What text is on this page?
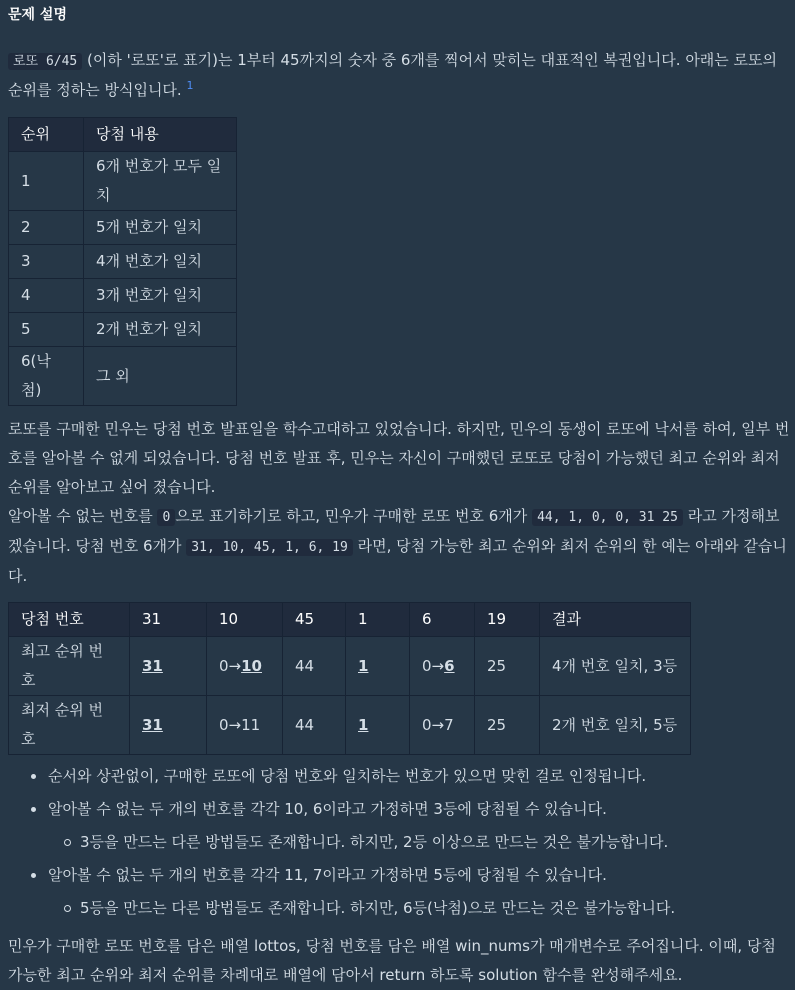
문제 설명

로또 6/45 (이하 '로또'로 표기)는 1부터 45까지의 숫자 중 6개를 찍어서 맞히는 대표적인 복권입니다. 아래는 로또의 순위를 정하는 방식입니다. $^1$

순위	당첨 내용
1	6개 번호가 모두 일치
2	5개 번호가 일치
3	4개 번호가 일치
4	3개 번호가 일치
5	2개 번호가 일치
6(낙첨)	그 외

로또를 구매한 민우는 당첨 번호 발표일을 학수고대하고 있었습니다. 하지만, 민우의 동생이 로또에 낙서를 하여, 일부 번호를 알아볼 수 없게 되었습니다. 당첨 번호 발표 후, 민우는 자신이 구매했던 로또로 당첨이 가능했던 최고 순위와 최저 순위를 알아보고 싶어 졌습니다.

알아볼 수 없는 번호를 0 으로 표기하기로 하고, 민우가 구매한 로또 번호 6개가 44, 1, 0, 0, 31 25 라고 가정해보겠습니다. 당첨 번호 6개가 31, 10, 45, 1, 6, 19 라면, 당첨 가능한 최고 순위와 최저 순위의 한 예는 아래와 같습니다.

당첨 번호	31	10	45	1	6	19	결과
최고 순위 번호	31	0→10	44	1	0→6	25	4개 번호 일치, 3등
최저 순위 번호	31	0→11	44	1	0→7	25	2개 번호 일치, 5등
순서와 상관없이, 구매한 로또에 당첨 번호와 일치하는 번호가 있으면 맞힌 걸로 인정됩니다.
알아볼 수 없는 두 개의 번호를 각각 10, 6이라고 가정하면 3등에 당첨될 수 있습니다.
3등을 만드는 다른 방법들도 존재합니다. 하지만, 2등 이상으로 만드는 것은 불가능합니다.
알아볼 수 없는 두 개의 번호를 각각 11, 7이라고 가정하면 5등에 당첨될 수 있습니다.
5등을 만드는 다른 방법들도 존재합니다. 하지만, 6등(낙첨)으로 만드는 것은 불가능합니다.

민우가 구매한 로또 번호를 담은 배열 lottos, 당첨 번호를 담은 배열 win_nums가 매개변수로 주어집니다. 이때, 당첨 가능한 최고 순위와 최저 순위를 차례대로 배열에 담아서 return 하도록 solution 함수를 완성해주세요.
